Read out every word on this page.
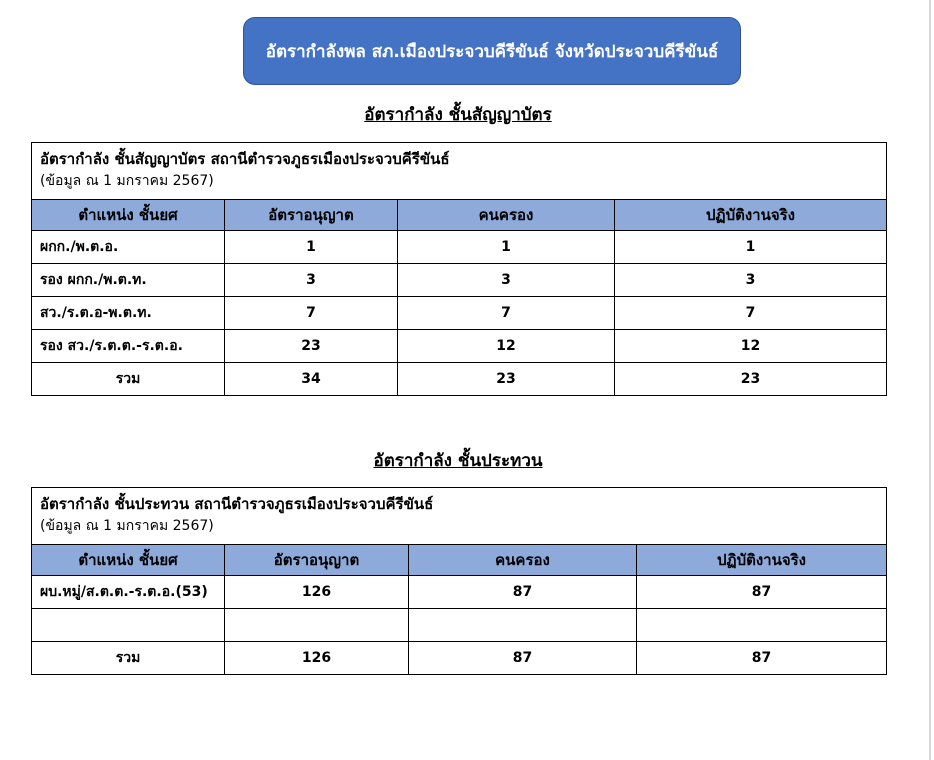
อัตรากำลังพล สภ.เมืองประจวบคีรีขันธ์ จังหวัดประจวบคีรีขันธ์
อัตรากำลัง ชั้นสัญญาบัตร
อัตรากำลัง ชั้นสัญญาบัตร สถานีตำรวจภูธรเมืองประจวบคีรีขันธ์
(ข้อมูล ณ 1 มกราคม 2567)			

ตำแหน่ง ชั้นยศ	อัตราอนุญาต	คนครอง	ปฏิบัติงานจริง
ผกก./พ.ต.อ.	1	1	1
รอง ผกก./พ.ต.ท.	3	3	3
สว./ร.ต.อ-พ.ต.ท.	7	7	7
รอง สว./ร.ต.ต.-ร.ต.อ.	23	12	12
รวม	34	23	23
อัตรากำลัง ชั้นประทวน
อัตรากำลัง ชั้นประทวน สถานีตำรวจภูธรเมืองประจวบคีรีขันธ์
(ข้อมูล ณ 1 มกราคม 2567)			

ตำแหน่ง ชั้นยศ	อัตราอนุญาต	คนครอง	ปฏิบัติงานจริง
ผบ.หมู่/ส.ต.ต.-ร.ต.อ.(53)	126	87	87

รวม	126	87	87
